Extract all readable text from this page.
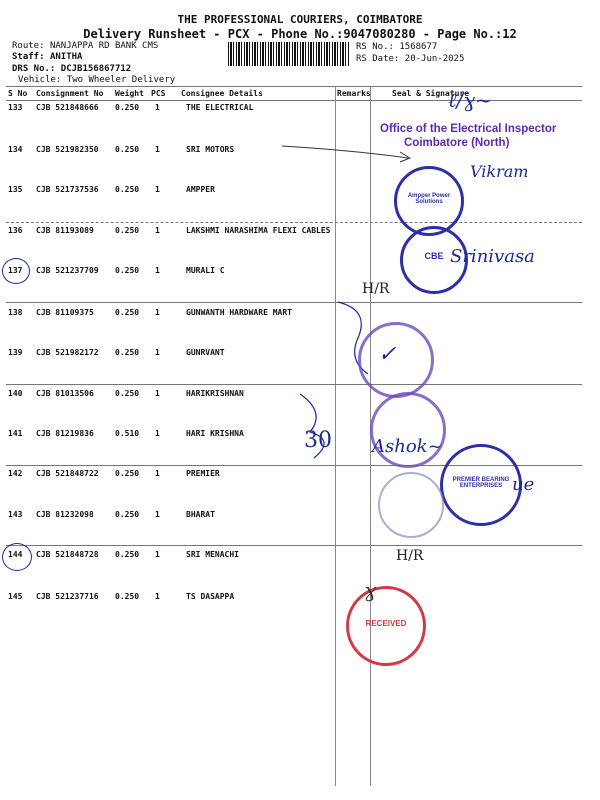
THE PROFESSIONAL COURIERS, COIMBATORE
Delivery Runsheet - PCX - Phone No.:9047080280 - Page No.:12
Route: NANJAPPA RD BANK CMS
Staff: ANITHA
DRS No.: DCJB156867712
Vehicle: Two Wheeler Delivery
RS No.: 1568677
RS Date: 20-Jun-2025
S No Consignment No Weight PCS Consignee Details	Remarks	Seal & Signature
133 CJB 521848666 0.250 1	THE ELECTRICAL
134 CJB 521982350 0.250 1	SRI MOTORS
135 CJB 521737536 0.250 1	AMPPER
136 CJB 81193089	0.250 1	LAKSHMI NARASHIMA FLEXI CABLES
137 CJB 521237709 0.250 1	MURALI C
138 CJB 81109375	0.250 1	GUNWANTH HARDWARE MART
139 CJB 521982172 0.250 1	GUNRVANT
140 CJB 81013506	0.250 1	HARIKRISHNAN
141 CJB 81219836	0.510 1	HARI KRISHNA
142 CJB 521848722 0.250 1	PREMIER
143 CJB 81232098	0.250 1	BHARAT
144 CJB 521848728 0.250 1	SRI MENACHI
145 CJB 521237716 0.250 1	TS DASAPPA
ℓ∕ɣ~
Office of the Electrical Inspector
Coimbatore (North)
Vikram
Ampper Power Solutions
CBE Srinivasa
H/R
✓
30 Ashok~
PREMIER BEARING ENTERPRISES ue
H/R
RECEIVED
ɣ
